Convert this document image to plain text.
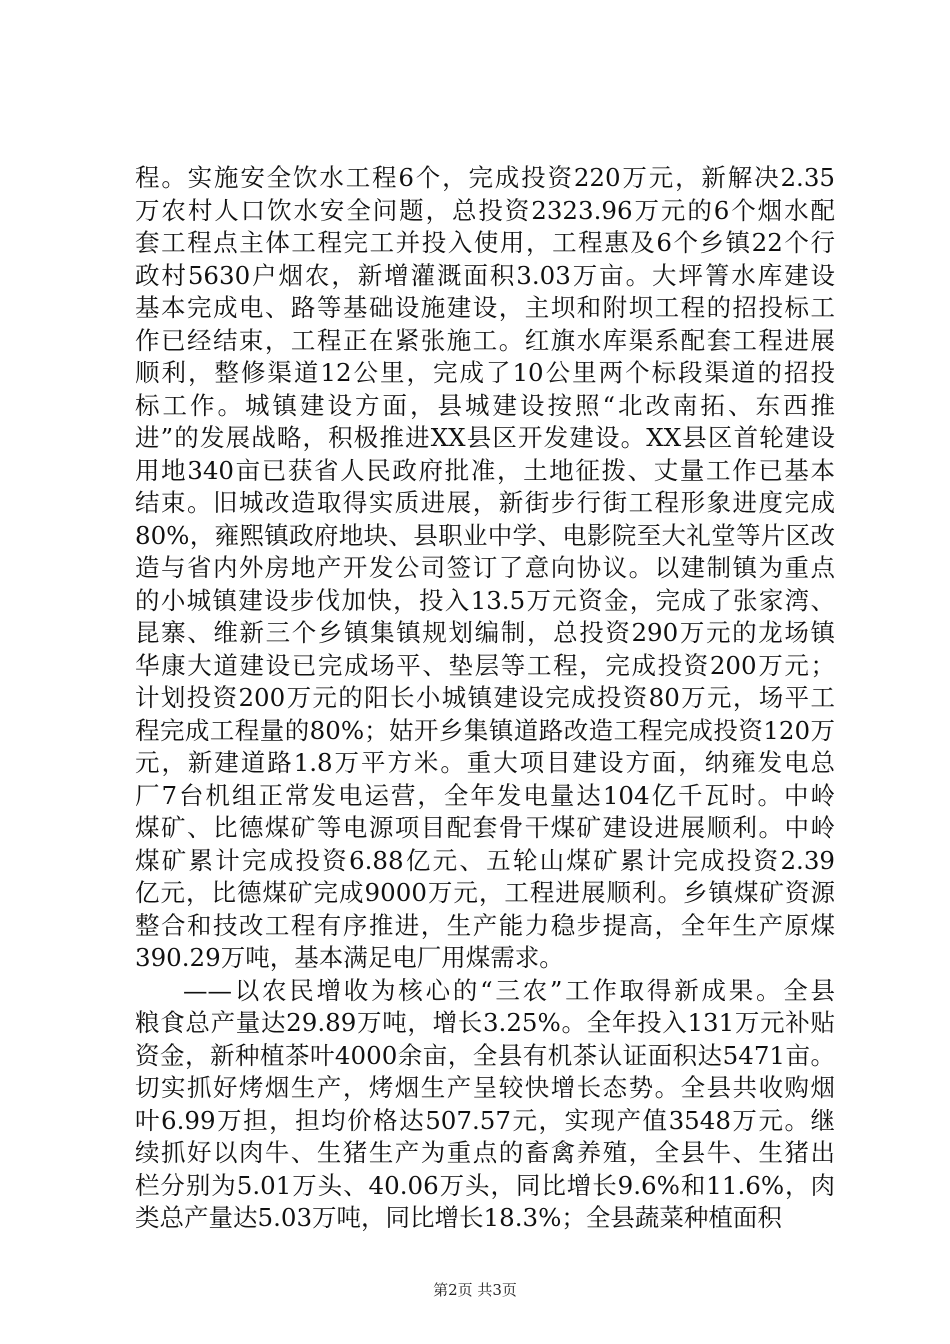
程。实施安全饮水工程6个，完成投资220万元，新解决2.35
万农村人口饮水安全问题，总投资2323.96万元的6个烟水配
套工程点主体工程完工并投入使用，工程惠及6个乡镇22个行
政村5630户烟农，新增灌溉面积3.03万亩。大坪箐水库建设
基本完成电、路等基础设施建设，主坝和附坝工程的招投标工
作已经结束，工程正在紧张施工。红旗水库渠系配套工程进展
顺利，整修渠道12公里，完成了10公里两个标段渠道的招投
标工作。城镇建设方面，县城建设按照“北改南拓、东西推
进”的发展战略，积极推进XX县区开发建设。XX县区首轮建设
用地340亩已获省人民政府批准，土地征拨、丈量工作已基本
结束。旧城改造取得实质进展，新街步行街工程形象进度完成
80%，雍熙镇政府地块、县职业中学、电影院至大礼堂等片区改
造与省内外房地产开发公司签订了意向协议。以建制镇为重点
的小城镇建设步伐加快，投入13.5万元资金，完成了张家湾、
昆寨、维新三个乡镇集镇规划编制，总投资290万元的龙场镇
华康大道建设已完成场平、垫层等工程，完成投资200万元；
计划投资200万元的阳长小城镇建设完成投资80万元，场平工
程完成工程量的80%；姑开乡集镇道路改造工程完成投资120万
元，新建道路1.8万平方米。重大项目建设方面，纳雍发电总
厂7台机组正常发电运营，全年发电量达104亿千瓦时。中岭
煤矿、比德煤矿等电源项目配套骨干煤矿建设进展顺利。中岭
煤矿累计完成投资6.88亿元、五轮山煤矿累计完成投资2.39
亿元，比德煤矿完成9000万元，工程进展顺利。乡镇煤矿资源
整合和技改工程有序推进，生产能力稳步提高，全年生产原煤
390.29万吨，基本满足电厂用煤需求。
——以农民增收为核心的“三农”工作取得新成果。全县
粮食总产量达29.89万吨，增长3.25%。全年投入131万元补贴
资金，新种植茶叶4000余亩，全县有机茶认证面积达5471亩。
切实抓好烤烟生产，烤烟生产呈较快增长态势。全县共收购烟
叶6.99万担，担均价格达507.57元，实现产值3548万元。继
续抓好以肉牛、生猪生产为重点的畜禽养殖，全县牛、生猪出
栏分别为5.01万头、40.06万头，同比增长9.6%和11.6%，肉
类总产量达5.03万吨，同比增长18.3%；全县蔬菜种植面积
第2页 共3页
